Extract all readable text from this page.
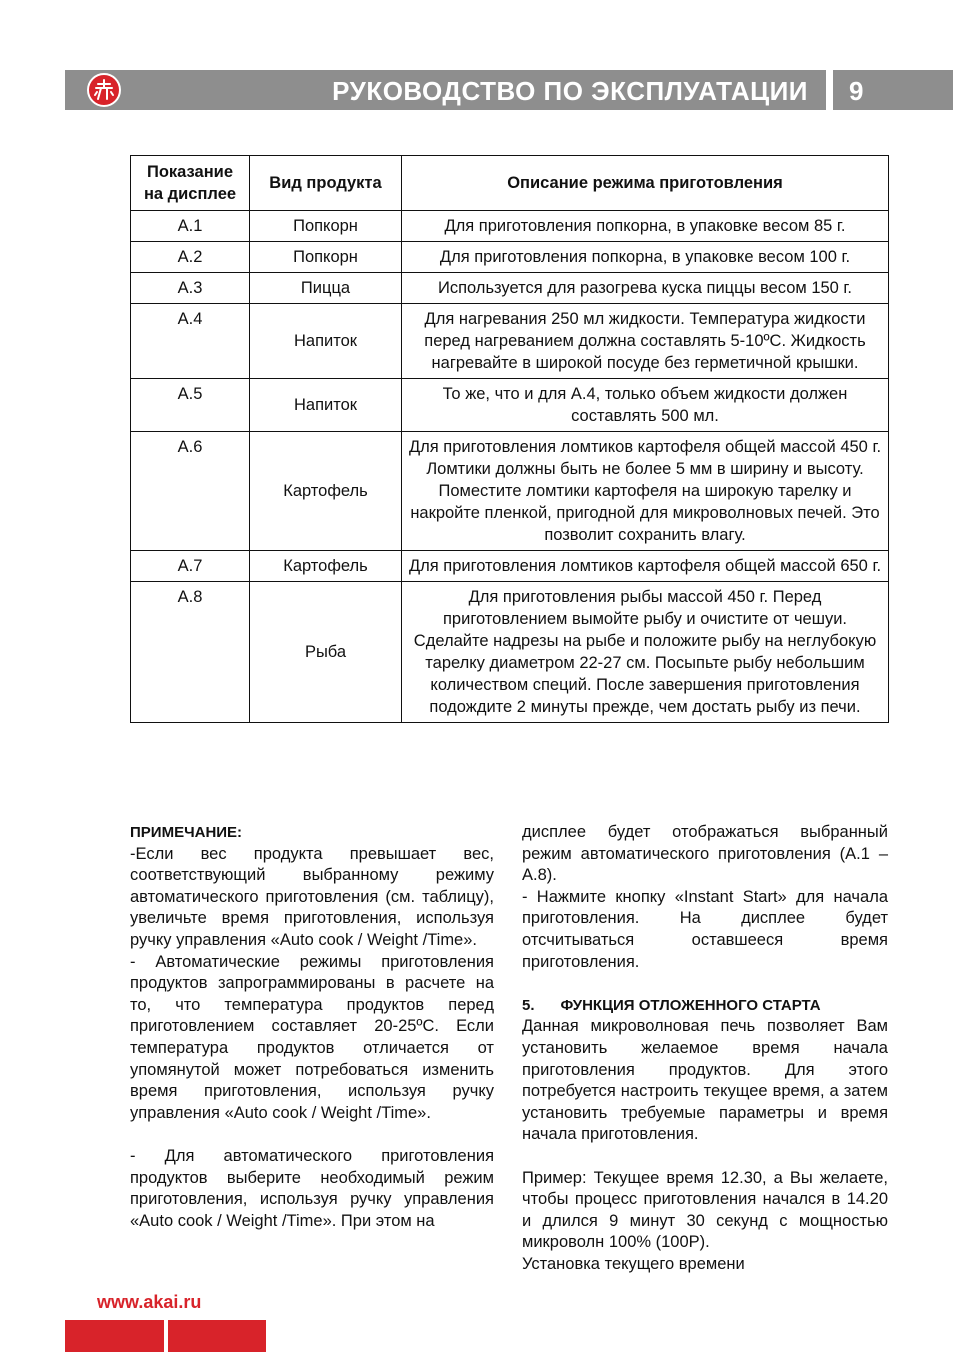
РУКОВОДСТВО ПО ЭКСПЛУАТАЦИИ 9
Показание на дисплее	Вид продукта	Описание режима приготовления
A.1	Попкорн	Для приготовления попкорна, в упаковке весом 85 г.
A.2	Попкорн	Для приготовления попкорна, в упаковке весом 100 г.
A.3	Пицца	Используется для разогрева куска пиццы весом 150 г.
A.4	Напиток	Для нагревания 250 мл жидкости. Температура жидкости перед нагреванием должна составлять 5-10ºС. Жидкость нагревайте в широкой посуде без герметичной крышки.
A.5	Напиток	То же, что и для А.4, только объем жидкости должен составлять 500 мл.
A.6	Картофель	Для приготовления ломтиков картофеля общей массой 450 г. Ломтики должны быть не более 5 мм в ширину и высоту. Поместите ломтики картофеля на широкую тарелку и накройте пленкой, пригодной для микроволновых печей. Это позволит сохранить влагу.
A.7	Картофель	Для приготовления ломтиков картофеля общей массой 650 г.
A.8	Рыба	Для приготовления рыбы массой 450 г. Перед приготовлением вымойте рыбу и очистите от чешуи. Сделайте надрезы на рыбе и положите рыбу на неглубокую тарелку диаметром 22-27 см. Посыпьте рыбу небольшим количеством специй. После завершения приготовления подождите 2 минуты прежде, чем достать рыбу из печи.

ПРИМЕЧАНИЕ:

-Если вес продукта превышает вес, соответствующий выбранному режиму автоматического приготовления (см. таблицу), увеличьте время приготовления, используя ручку управления «Auto cook / Weight /Time».

- Автоматические режимы приготовления продуктов запрограммированы в расчете на то, что температура продуктов перед приготовлением составляет 20-25ºС. Если температура продуктов отличается от упомянутой может потребоваться изменить время приготовления, используя ручку управления «Auto cook / Weight /Time».

- Для автоматического приготовления продуктов выберите необходимый режим приготовления, используя ручку управления «Auto cook / Weight /Time». При этом на

дисплее будет отображаться выбранный режим автоматического приготовления (А.1 – А.8).

- Нажмите кнопку «Instant Start» для начала приготовления. На дисплее будет отсчитываться оставшееся время приготовления.

5. ФУНКЦИЯ ОТЛОЖЕННОГО СТАРТА

Данная микроволновая печь позволяет Вам установить желаемое время начала приготовления продуктов. Для этого потребуется настроить текущее время, а затем установить требуемые параметры и время начала приготовления.

Пример: Текущее время 12.30, а Вы желаете, чтобы процесс приготовления начался в 14.20 и длился 9 минут 30 секунд с мощностью микроволн 100% (100Р).

Установка текущего времени

www.akai.ru
